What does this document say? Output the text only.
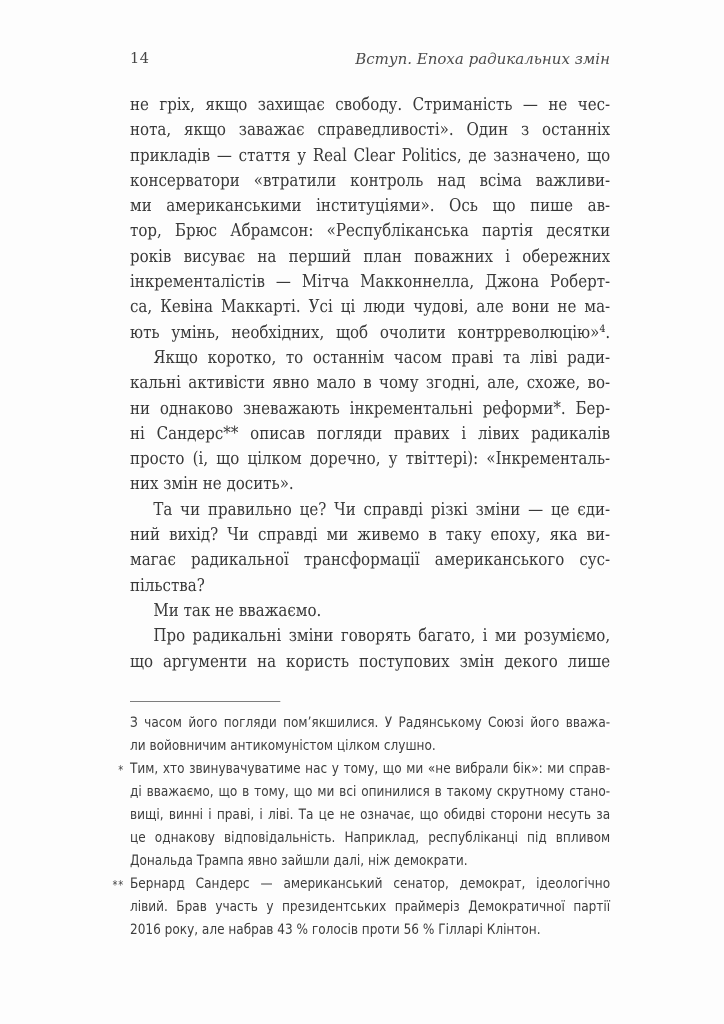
14	Вступ. Епоха радикальних змін
не гріх, якщо захищає свободу. Стриманість — не чес-
нота, якщо заважає справедливості». Один з останніх
прикладів — стаття у Real Clear Politics, де зазначено, що
консерватори «втратили контроль над всіма важливи-
ми американськими інституціями». Ось що пише ав-
тор, Брюс Абрамсон: «Республіканська партія десятки
років висуває на перший план поважних і обережних
інкременталістів — Мітча Макконнелла, Джона Роберт-
са, Кевіна Маккарті. Усі ці люди чудові, але вони не ма-
ють умінь, необхідних, щоб очолити контрреволюцію»⁴.
Якщо коротко, то останнім часом праві та ліві ради-
кальні активісти явно мало в чому згодні, але, схоже, во-
ни однаково зневажають інкрементальні реформи*. Бер-
ні Сандерс** описав погляди правих і лівих радикалів
просто (і, що цілком доречно, у твіттері): «Інкременталь-
них змін не досить».
Та чи правильно це? Чи справді різкі зміни — це єди-
ний вихід? Чи справді ми живемо в таку епоху, яка ви-
магає радикальної трансформації американського сус-
пільства?
Ми так не вважаємо.
Про радикальні зміни говорять багато, і ми розуміємо,
що аргументи на користь поступових змін декого лише
З часом його погляди пом’якшилися. У Радянському Союзі його вважа-
ли войовничим антикомуністом цілком слушно.
* Тим, хто звинувачуватиме нас у тому, що ми «не вибрали бік»: ми справ-
ді вважаємо, що в тому, що ми всі опинилися в такому скрутному стано-
вищі, винні і праві, і ліві. Та це не означає, що обидві сторони несуть за
це однакову відповідальність. Наприклад, республіканці під впливом
Дональда Трампа явно зайшли далі, ніж демократи.
** Бернард Сандерс — американський сенатор, демократ, ідеологічно
лівий. Брав участь у президентських праймеріз Демократичної партії
2016 року, але набрав 43 % голосів проти 56 % Гілларі Клінтон.
